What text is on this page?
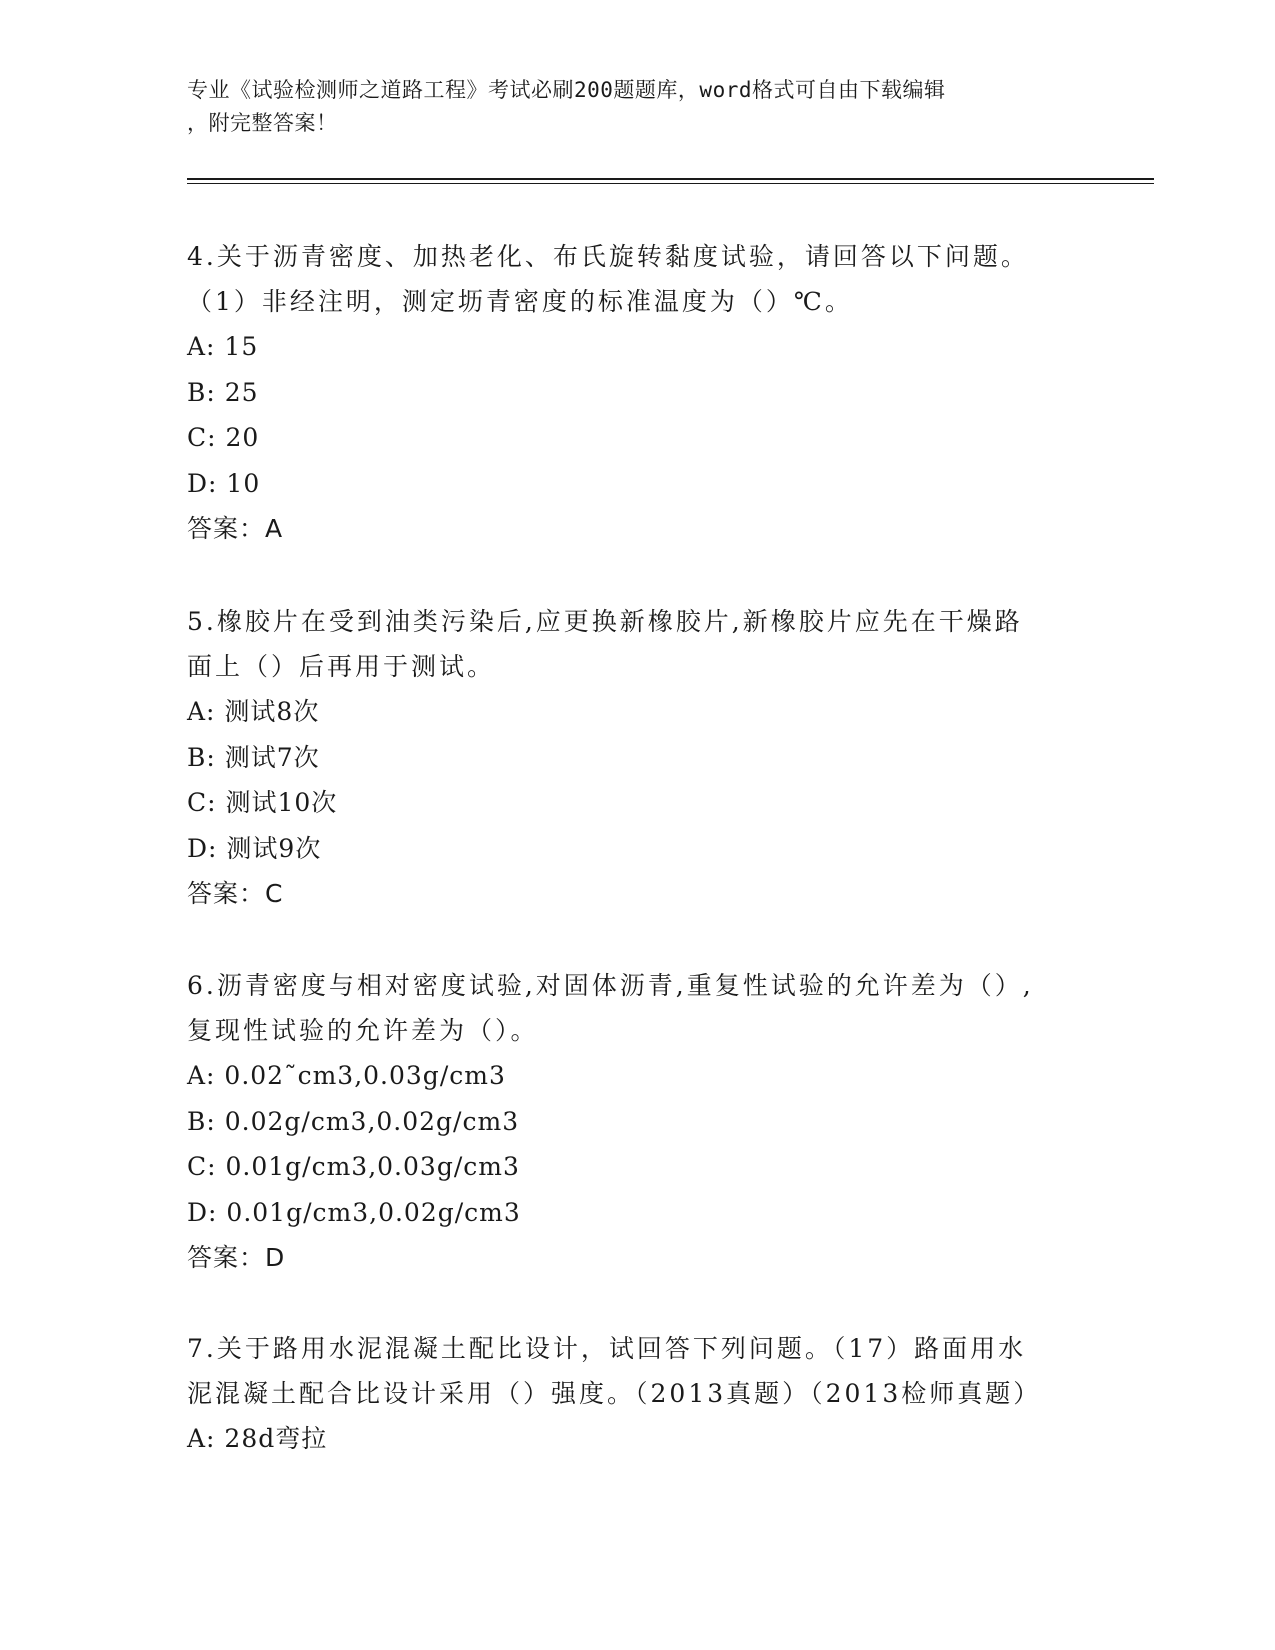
专业《试验检测师之道路工程》考试必刷200题题库，word格式可自由下载编辑
，附完整答案！
4.关于沥青密度、加热老化、布氏旋转黏度试验，请回答以下问题。
（1）非经注明，测定坜青密度的标准温度为（）℃。
A: 15
B: 25
C: 20
D: 10
答案：A
5.橡胶片在受到油类污染后,应更换新橡胶片,新橡胶片应先在干燥路
面上（）后再用于测试。
A: 测试8次
B: 测试7次
C: 测试10次
D: 测试9次
答案：C
6.沥青密度与相对密度试验,对固体沥青,重复性试验的允许差为（）,
复现性试验的允许差为（）。
A: 0.02˜cm3,0.03g/cm3
B: 0.02g/cm3,0.02g/cm3
C: 0.01g/cm3,0.03g/cm3
D: 0.01g/cm3,0.02g/cm3
答案：D
7.关于路用水泥混凝土配比设计，试回答下列问题。（17）路面用水
泥混凝土配合比设计采用（）强度。（2013真题）（2013检师真题）
A: 28d弯拉
